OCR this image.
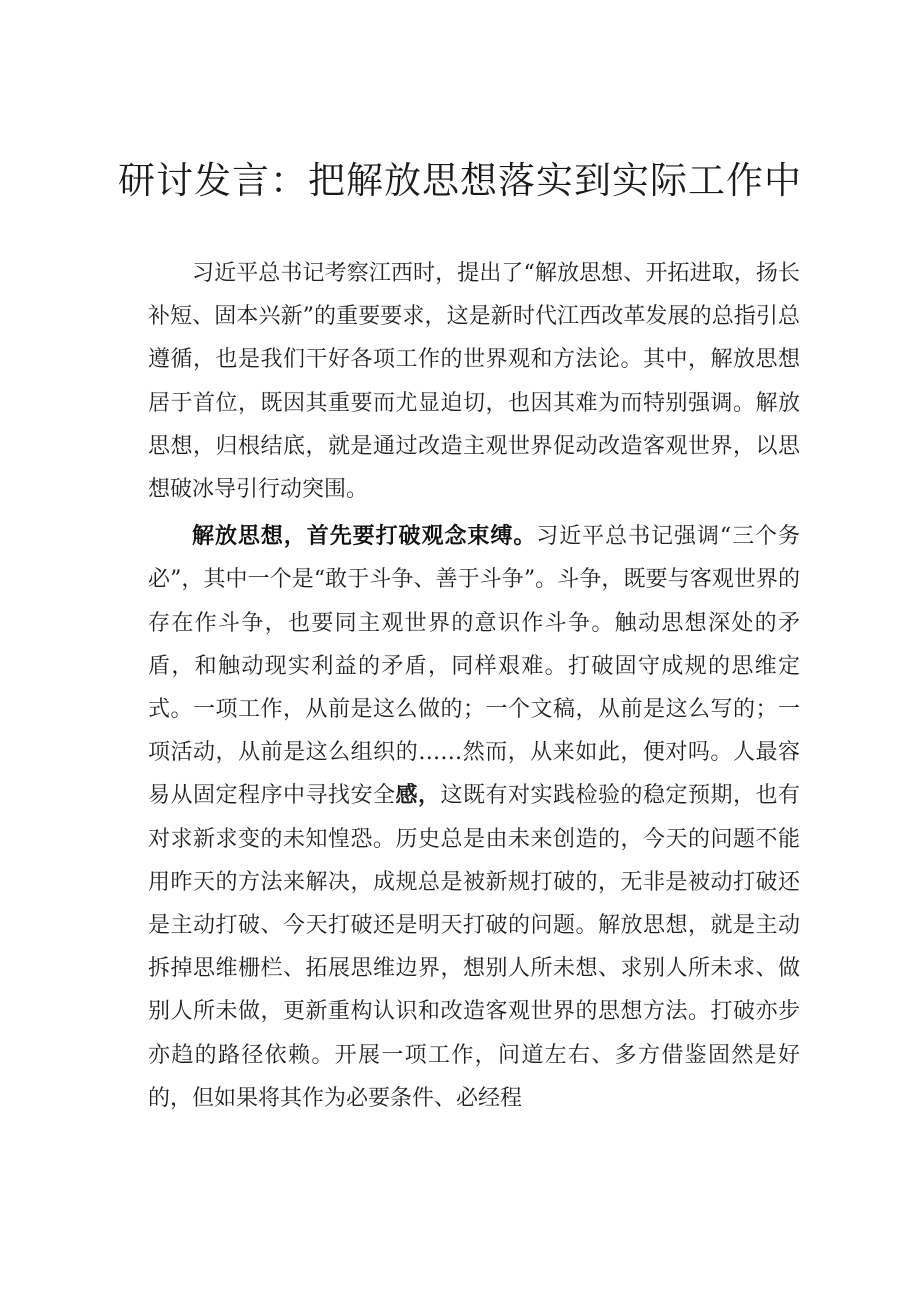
研讨发言：把解放思想落实到实际工作中

习近平总书记考察江西时，提出了“解放思想、开拓进取，扬长补短、固本兴新”的重要要求，这是新时代江西改革发展的总指引总遵循，也是我们干好各项工作的世界观和方法论。其中，解放思想居于首位，既因其重要而尤显迫切，也因其难为而特别强调。解放思想，归根结底，就是通过改造主观世界促动改造客观世界，以思想破冰导引行动突围。

解放思想，首先要打破观念束缚。习近平总书记强调“三个务必”，其中一个是“敢于斗争、善于斗争”。斗争，既要与客观世界的存在作斗争，也要同主观世界的意识作斗争。触动思想深处的矛盾，和触动现实利益的矛盾，同样艰难。打破固守成规的思维定式。一项工作，从前是这么做的；一个文稿，从前是这么写的；一项活动，从前是这么组织的……然而，从来如此，便对吗。人最容易从固定程序中寻找安全感，这既有对实践检验的稳定预期，也有对求新求变的未知惶恐。历史总是由未来创造的，今天的问题不能用昨天的方法来解决，成规总是被新规打破的，无非是被动打破还是主动打破、今天打破还是明天打破的问题。解放思想，就是主动拆掉思维栅栏、拓展思维边界，想别人所未想、求别人所未求、做别人所未做，更新重构认识和改造客观世界的思想方法。打破亦步亦趋的路径依赖。开展一项工作，问道左右、多方借鉴固然是好的，但如果将其作为必要条件、必经程
